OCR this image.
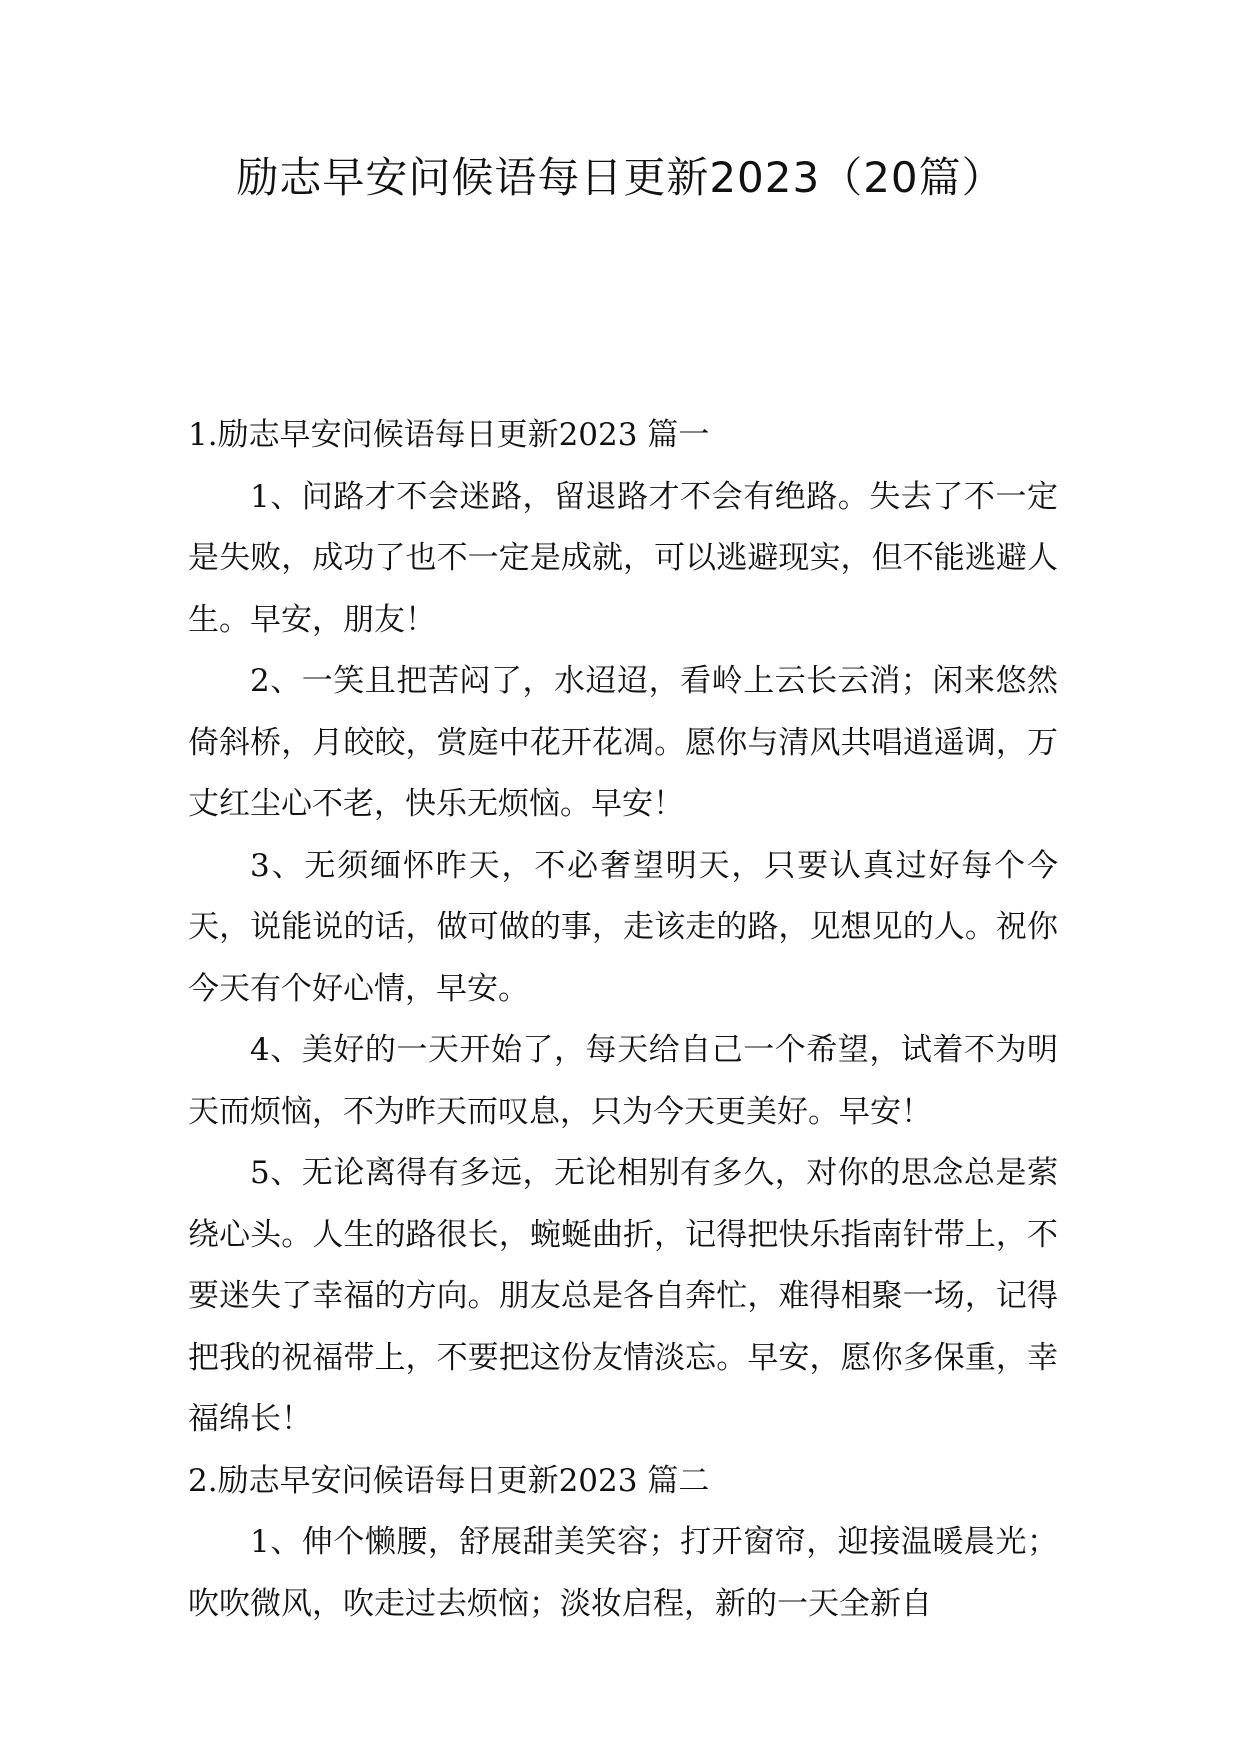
励志早安问候语每日更新2023（20篇）

1.励志早安问候语每日更新2023 篇一

1、问路才不会迷路，留退路才不会有绝路。失去了不一定是失败，成功了也不一定是成就，可以逃避现实，但不能逃避人生。早安，朋友！

2、一笑且把苦闷了，水迢迢，看岭上云长云消；闲来悠然倚斜桥，月皎皎，赏庭中花开花凋。愿你与清风共唱逍遥调，万丈红尘心不老，快乐无烦恼。早安！

3、无须缅怀昨天，不必奢望明天，只要认真过好每个今天，说能说的话，做可做的事，走该走的路，见想见的人。祝你今天有个好心情，早安。

4、美好的一天开始了，每天给自己一个希望，试着不为明天而烦恼，不为昨天而叹息，只为今天更美好。早安！

5、无论离得有多远，无论相别有多久，对你的思念总是萦绕心头。人生的路很长，蜿蜒曲折，记得把快乐指南针带上，不要迷失了幸福的方向。朋友总是各自奔忙，难得相聚一场，记得把我的祝福带上，不要把这份友情淡忘。早安，愿你多保重，幸福绵长！

2.励志早安问候语每日更新2023 篇二

1、伸个懒腰，舒展甜美笑容；打开窗帘，迎接温暖晨光；吹吹微风，吹走过去烦恼；淡妆启程，新的一天全新自
